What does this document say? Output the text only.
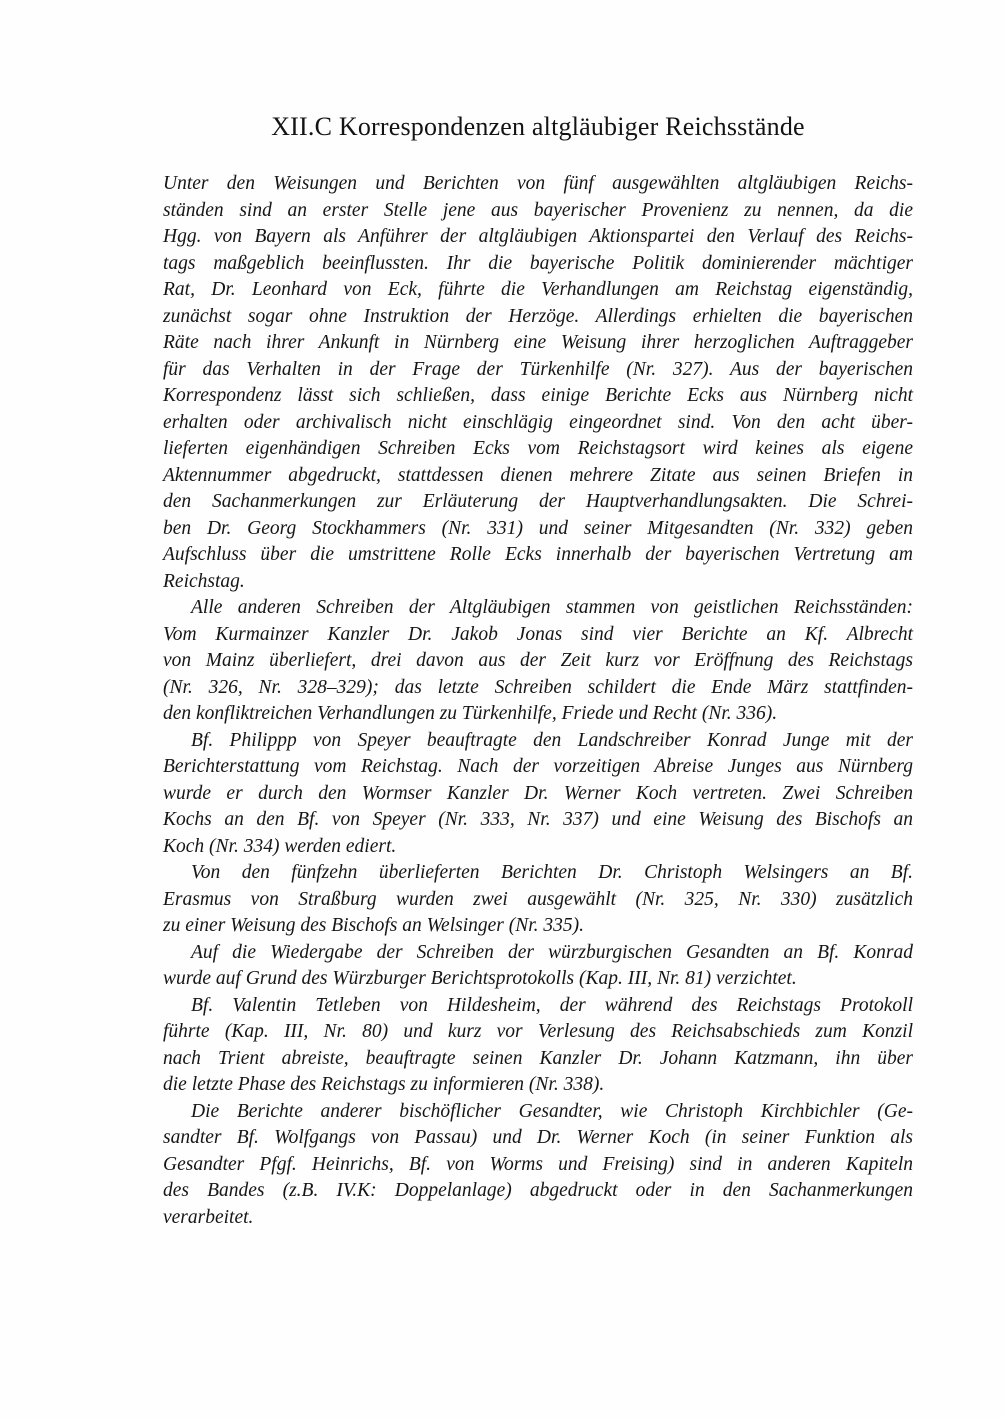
XII.C Korrespondenzen altgläubiger Reichsstände
Unter den Weisungen und Berichten von fünf ausgewählten altgläubigen Reichs-
ständen sind an erster Stelle jene aus bayerischer Provenienz zu nennen, da die
Hgg. von Bayern als Anführer der altgläubigen Aktionspartei den Verlauf des Reichs-
tags maßgeblich beeinflussten. Ihr die bayerische Politik dominierender mächtiger
Rat, Dr. Leonhard von Eck, führte die Verhandlungen am Reichstag eigenständig,
zunächst sogar ohne Instruktion der Herzöge. Allerdings erhielten die bayerischen
Räte nach ihrer Ankunft in Nürnberg eine Weisung ihrer herzoglichen Auftraggeber
für das Verhalten in der Frage der Türkenhilfe (Nr. 327). Aus der bayerischen
Korrespondenz lässt sich schließen, dass einige Berichte Ecks aus Nürnberg nicht
erhalten oder archivalisch nicht einschlägig eingeordnet sind. Von den acht über-
lieferten eigenhändigen Schreiben Ecks vom Reichstagsort wird keines als eigene
Aktennummer abgedruckt, stattdessen dienen mehrere Zitate aus seinen Briefen in
den Sachanmerkungen zur Erläuterung der Hauptverhandlungsakten. Die Schrei-
ben Dr. Georg Stockhammers (Nr. 331) und seiner Mitgesandten (Nr. 332) geben
Aufschluss über die umstrittene Rolle Ecks innerhalb der bayerischen Vertretung am
Reichstag.
Alle anderen Schreiben der Altgläubigen stammen von geistlichen Reichsständen:
Vom Kurmainzer Kanzler Dr. Jakob Jonas sind vier Berichte an Kf. Albrecht
von Mainz überliefert, drei davon aus der Zeit kurz vor Eröffnung des Reichstags
(Nr. 326, Nr. 328–329); das letzte Schreiben schildert die Ende März stattfinden-
den konfliktreichen Verhandlungen zu Türkenhilfe, Friede und Recht (Nr. 336).
Bf. Philippp von Speyer beauftragte den Landschreiber Konrad Junge mit der
Berichterstattung vom Reichstag. Nach der vorzeitigen Abreise Junges aus Nürnberg
wurde er durch den Wormser Kanzler Dr. Werner Koch vertreten. Zwei Schreiben
Kochs an den Bf. von Speyer (Nr. 333, Nr. 337) und eine Weisung des Bischofs an
Koch (Nr. 334) werden ediert.
Von den fünfzehn überlieferten Berichten Dr. Christoph Welsingers an Bf.
Erasmus von Straßburg wurden zwei ausgewählt (Nr. 325, Nr. 330) zusätzlich
zu einer Weisung des Bischofs an Welsinger (Nr. 335).
Auf die Wiedergabe der Schreiben der würzburgischen Gesandten an Bf. Konrad
wurde auf Grund des Würzburger Berichtsprotokolls (Kap. III, Nr. 81) verzichtet.
Bf. Valentin Tetleben von Hildesheim, der während des Reichstags Protokoll
führte (Kap. III, Nr. 80) und kurz vor Verlesung des Reichsabschieds zum Konzil
nach Trient abreiste, beauftragte seinen Kanzler Dr. Johann Katzmann, ihn über
die letzte Phase des Reichstags zu informieren (Nr. 338).
Die Berichte anderer bischöflicher Gesandter, wie Christoph Kirchbichler (Ge-
sandter Bf. Wolfgangs von Passau) und Dr. Werner Koch (in seiner Funktion als
Gesandter Pfgf. Heinrichs, Bf. von Worms und Freising) sind in anderen Kapiteln
des Bandes (z.B. IV.K: Doppelanlage) abgedruckt oder in den Sachanmerkungen
verarbeitet.
